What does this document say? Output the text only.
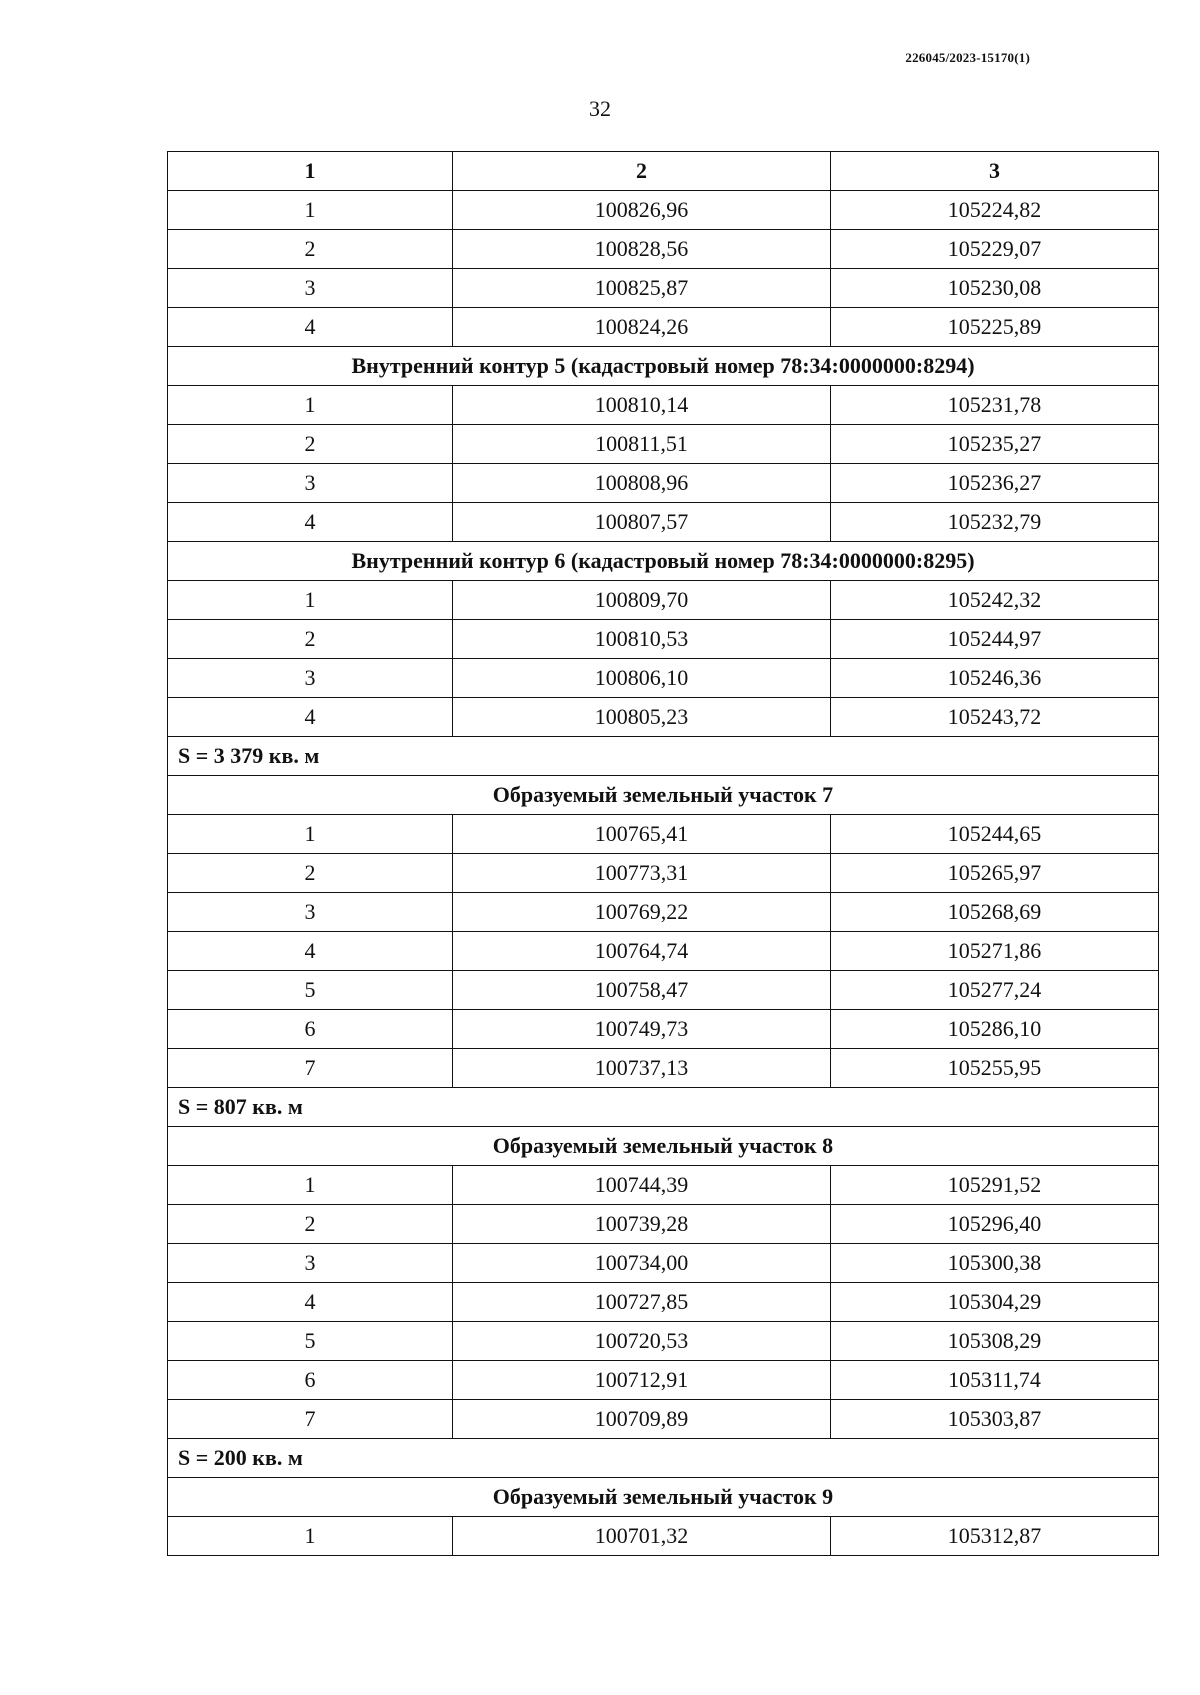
226045/2023-15170(1)
32
1	2	3
1	100826,96	105224,82
2	100828,56	105229,07
3	100825,87	105230,08
4	100824,26	105225,89
Внутренний контур 5 (кадастровый номер 78:34:0000000:8294)		
1	100810,14	105231,78
2	100811,51	105235,27
3	100808,96	105236,27
4	100807,57	105232,79
Внутренний контур 6 (кадастровый номер 78:34:0000000:8295)		
1	100809,70	105242,32
2	100810,53	105244,97
3	100806,10	105246,36
4	100805,23	105243,72
S = 3 379 кв. м		
Образуемый земельный участок 7		
1	100765,41	105244,65
2	100773,31	105265,97
3	100769,22	105268,69
4	100764,74	105271,86
5	100758,47	105277,24
6	100749,73	105286,10
7	100737,13	105255,95
S = 807 кв. м		
Образуемый земельный участок 8		
1	100744,39	105291,52
2	100739,28	105296,40
3	100734,00	105300,38
4	100727,85	105304,29
5	100720,53	105308,29
6	100712,91	105311,74
7	100709,89	105303,87
S = 200 кв. м		
Образуемый земельный участок 9		
1	100701,32	105312,87
